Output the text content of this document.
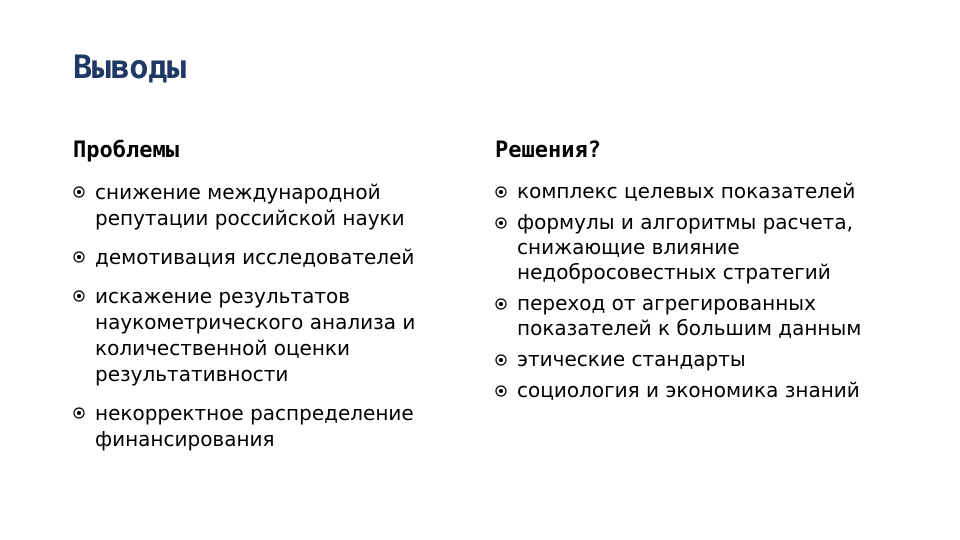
Выводы
Проблемы
снижение международной репутации российской науки
демотивация исследователей
искажение результатов наукометрического анализа и количественной оценки результативности
некорректное распределение финансирования
Решения?
комплекс целевых показателей
формулы и алгоритмы расчета, снижающие влияние недобросовестных стратегий
переход от агрегированных показателей к большим данным
этические стандарты
социология и экономика знаний
